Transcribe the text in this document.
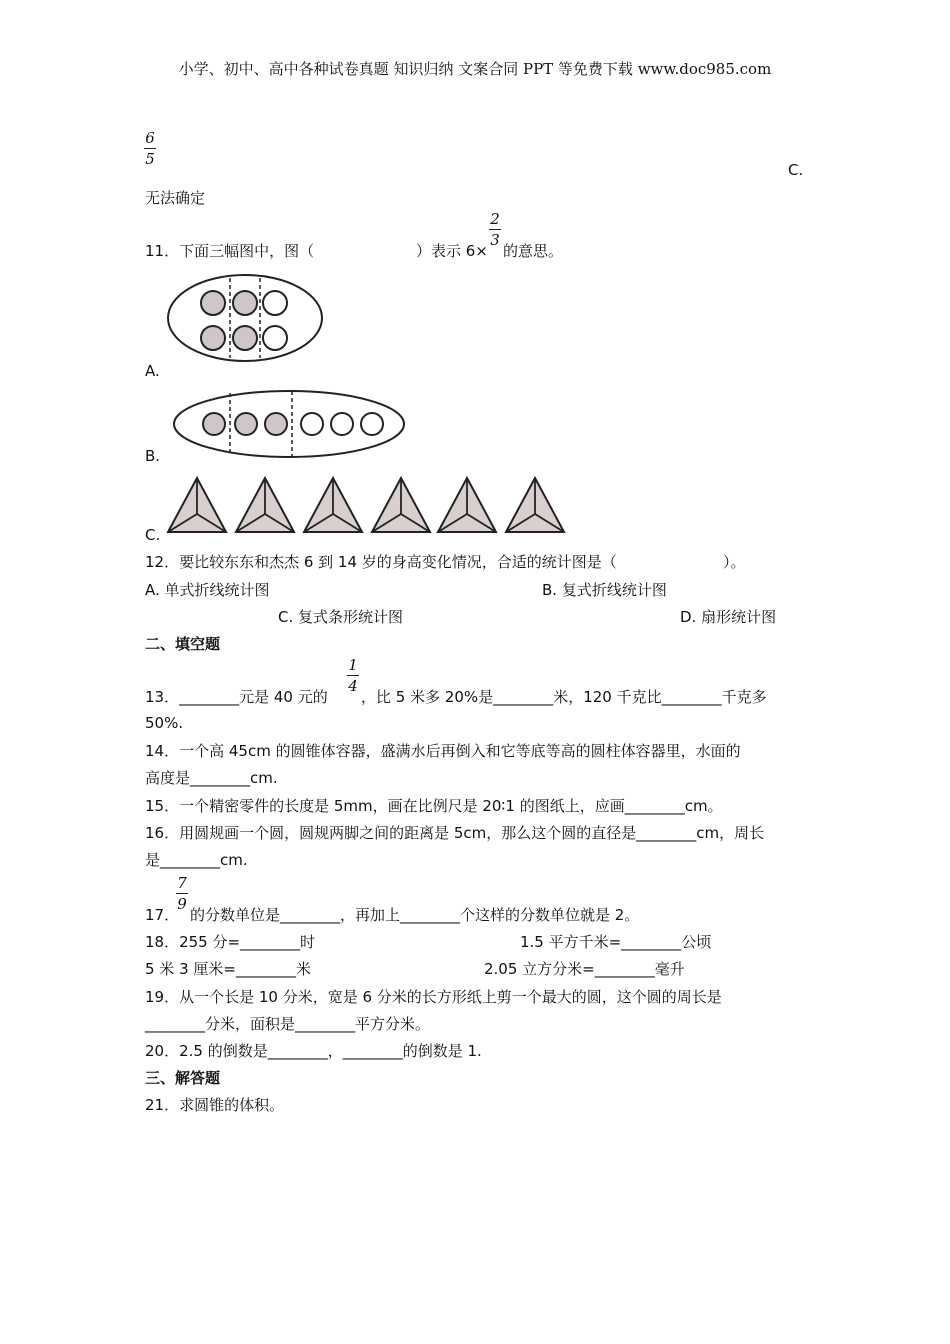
小学、初中、高中各种试卷真题 知识归纳 文案合同 PPT 等免费下载 www.doc985.com
6
5
C.
无法确定
11．下面三幅图中，图（	）表示 6×
2
3
的意思。
A.
B.
C.
12．要比较东东和杰杰 6 到 14 岁的身高变化情况，合适的统计图是（	）。
A. 单式折线统计图	B. 复式折线统计图
C. 复式条形统计图	D. 扇形统计图
二、填空题
13．________元是 40 元的
1
4
，比 5 米多 20%是________米，120 千克比________千克多
50%.
14．一个高 45cm 的圆锥体容器，盛满水后再倒入和它等底等高的圆柱体容器里，水面的
高度是________cm.
15．一个精密零件的长度是 5mm，画在比例尺是 20∶1 的图纸上，应画________cm。
16．用圆规画一个圆，圆规两脚之间的距离是 5cm，那么这个圆的直径是________cm，周长
是________cm.
17．
7
9
的分数单位是________，再加上________个这样的分数单位就是 2。
18．255 分=________时	1.5 平方千米=________公顷
5 米 3 厘米=________米	2.05 立方分米=________毫升
19．从一个长是 10 分米，宽是 6 分米的长方形纸上剪一个最大的圆，这个圆的周长是
________分米，面积是________平方分米。
20．2.5 的倒数是________，________的倒数是 1.
三、解答题
21．求圆锥的体积。
